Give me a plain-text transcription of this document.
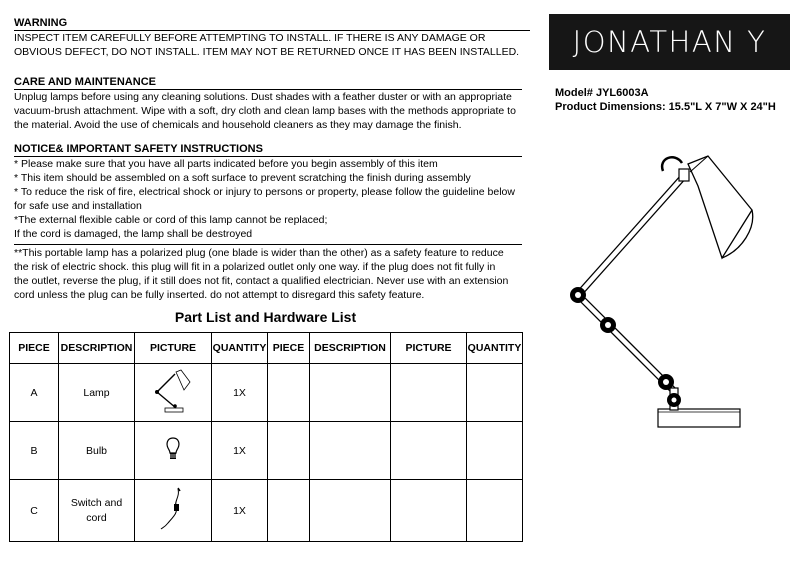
WARNING
INSPECT ITEM CAREFULLY BEFORE ATTEMPTING TO INSTALL. IF THERE IS ANY DAMAGE OR
OBVIOUS DEFECT, DO NOT INSTALL. ITEM MAY NOT BE RETURNED ONCE IT HAS BEEN INSTALLED.
CARE AND MAINTENANCE
Unplug lamps before using any cleaning solutions. Dust shades with a feather duster or with an appropriate
vacuum-brush attachment. Wipe with a soft, dry cloth and clean lamp bases with the methods appropriate to
the material. Avoid the use of chemicals and household cleaners as they may damage the finish.
NOTICE& IMPORTANT SAFETY INSTRUCTIONS
* Please make sure that you have all parts indicated before you begin assembly of this item
* This item should be assembled on a soft surface to prevent scratching the finish during assembly
* To reduce the risk of fire, electrical shock or injury to persons or property, please follow the guideline below
for safe use and installation
*The external flexible cable or cord of this lamp cannot be replaced;
If the cord is damaged, the lamp shall be destroyed
**This portable lamp has a polarized plug (one blade is wider than the other) as a safety feature to reduce
the risk of electric shock. this plug will fit in a polarized outlet only one way. if the plug does not fit fully in
the outlet, reverse the plug, if it still does not fit, contact a qualified electrician. Never use with an extension
cord unless the plug can be fully inserted. do not attempt to disregard this safety feature.
JONATHAN Y
Model# JYL6003A
Product Dimensions: 15.5"L X 7"W X 24"H
Part List and Hardware List
PIECE	DESCRIPTION	PICTURE	QUANTITY	PIECE	DESCRIPTION	PICTURE	QUANTITY
A	Lamp		1X				
B	Bulb		1X				
C	Switch and
cord		1X				
